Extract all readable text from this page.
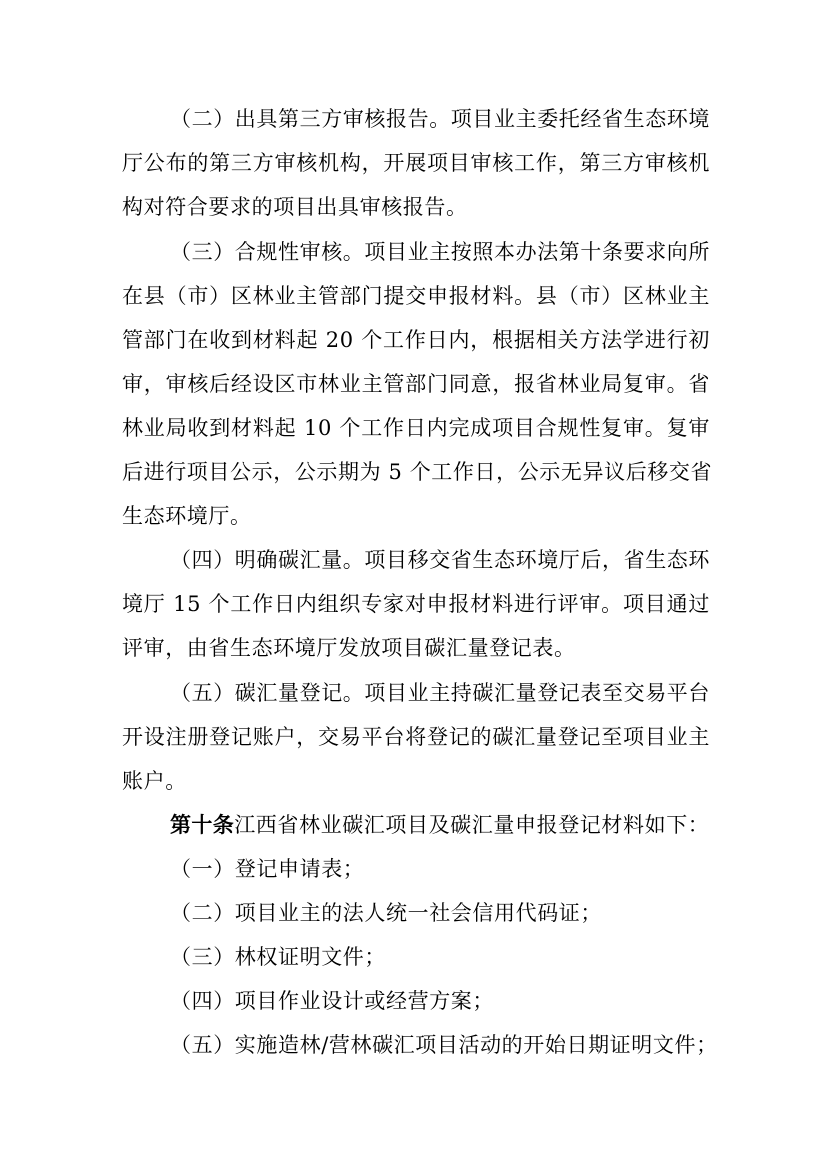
（二）出具第三方审核报告。项目业主委托经省生态环境
厅公布的第三方审核机构，开展项目审核工作，第三方审核机
构对符合要求的项目出具审核报告。
（三）合规性审核。项目业主按照本办法第十条要求向所
在县（市）区林业主管部门提交申报材料。县（市）区林业主
管部门在收到材料起 20 个工作日内，根据相关方法学进行初
审，审核后经设区市林业主管部门同意，报省林业局复审。省
林业局收到材料起 10 个工作日内完成项目合规性复审。复审
后进行项目公示，公示期为 5 个工作日，公示无异议后移交省
生态环境厅。
（四）明确碳汇量。项目移交省生态环境厅后，省生态环
境厅 15 个工作日内组织专家对申报材料进行评审。项目通过
评审，由省生态环境厅发放项目碳汇量登记表。
（五）碳汇量登记。项目业主持碳汇量登记表至交易平台
开设注册登记账户，交易平台将登记的碳汇量登记至项目业主
账户。
第十条江西省林业碳汇项目及碳汇量申报登记材料如下：
（一）登记申请表；
（二）项目业主的法人统一社会信用代码证；
（三）林权证明文件；
（四）项目作业设计或经营方案；
（五）实施造林/营林碳汇项目活动的开始日期证明文件；
